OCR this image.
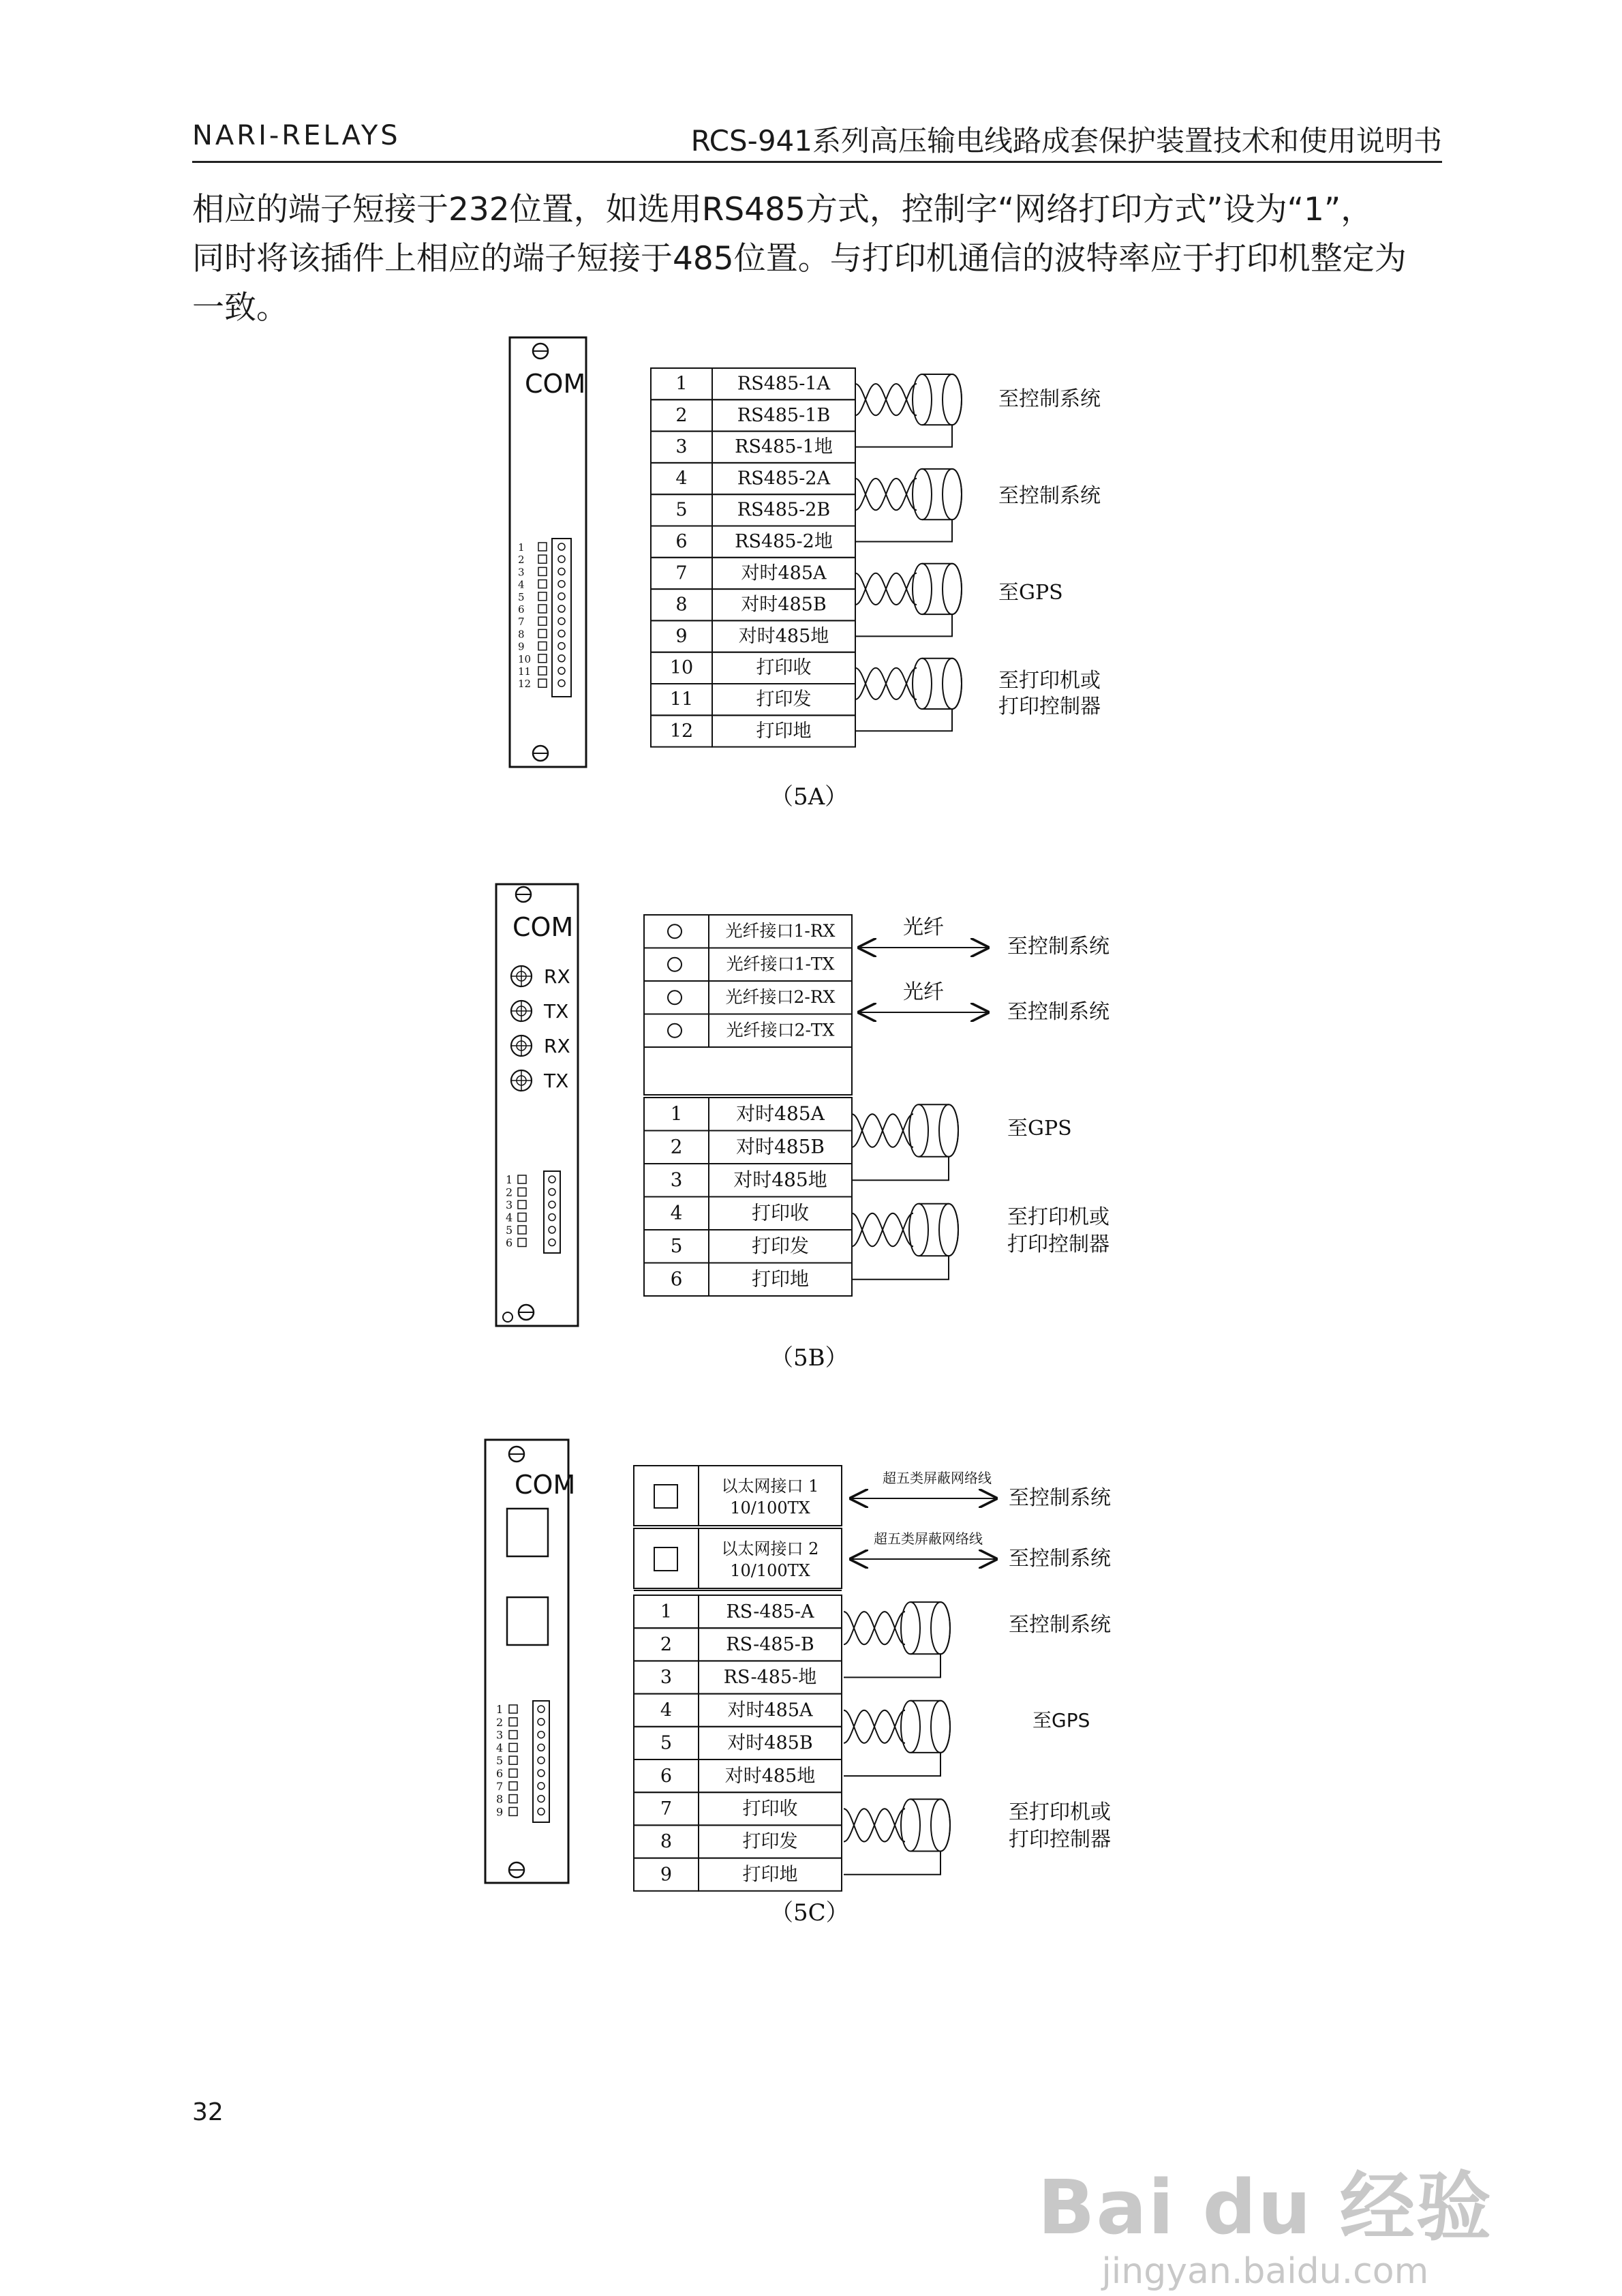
NARI-RELAYS	RCS-941系列高压输电线路成套保护装置技术和使用说明书
相应的端子短接于232位置，如选用RS485方式，控制字“网络打印方式”设为“1”，
同时将该插件上相应的端子短接于485位置。与打印机通信的波特率应于打印机整定为
一致。
COM
1
2
3
4
5
6
7
8
9
10
11
12
1	RS485-1A
2	RS485-1B
3	RS485-1地
4	RS485-2A
5	RS485-2B
6	RS485-2地
7	对时485A
8	对时485B
9	对时485地
10	打印收
11	打印发
12	打印地
至控制系统
至控制系统
至GPS
至打印机或
打印控制器
（5A）
COM
RX
TX
RX
TX
1
2
3
4
5
6
光纤接口1-RX
光纤接口1-TX
光纤接口2-RX
光纤接口2-TX
1	对时485A
2	对时485B
3	对时485地
4	打印收
5	打印发
6	打印地
光纤
光纤
至控制系统
至控制系统
至GPS
至打印机或
打印控制器
（5B）
COM
1
2
3
4
5
6
7
8
9
以太网接口 1
10/100TX
以太网接口 2
10/100TX
1	RS-485-A
2	RS-485-B
3	RS-485-地
4	对时485A
5	对时485B
6	对时485地
7	打印收
8	打印发
9	打印地
超五类屏蔽网络线
超五类屏蔽网络线
至控制系统
至控制系统
至控制系统
至GPS
至打印机或
打印控制器
（5C）
32
Bai du 经验
jingyan.baidu.com
